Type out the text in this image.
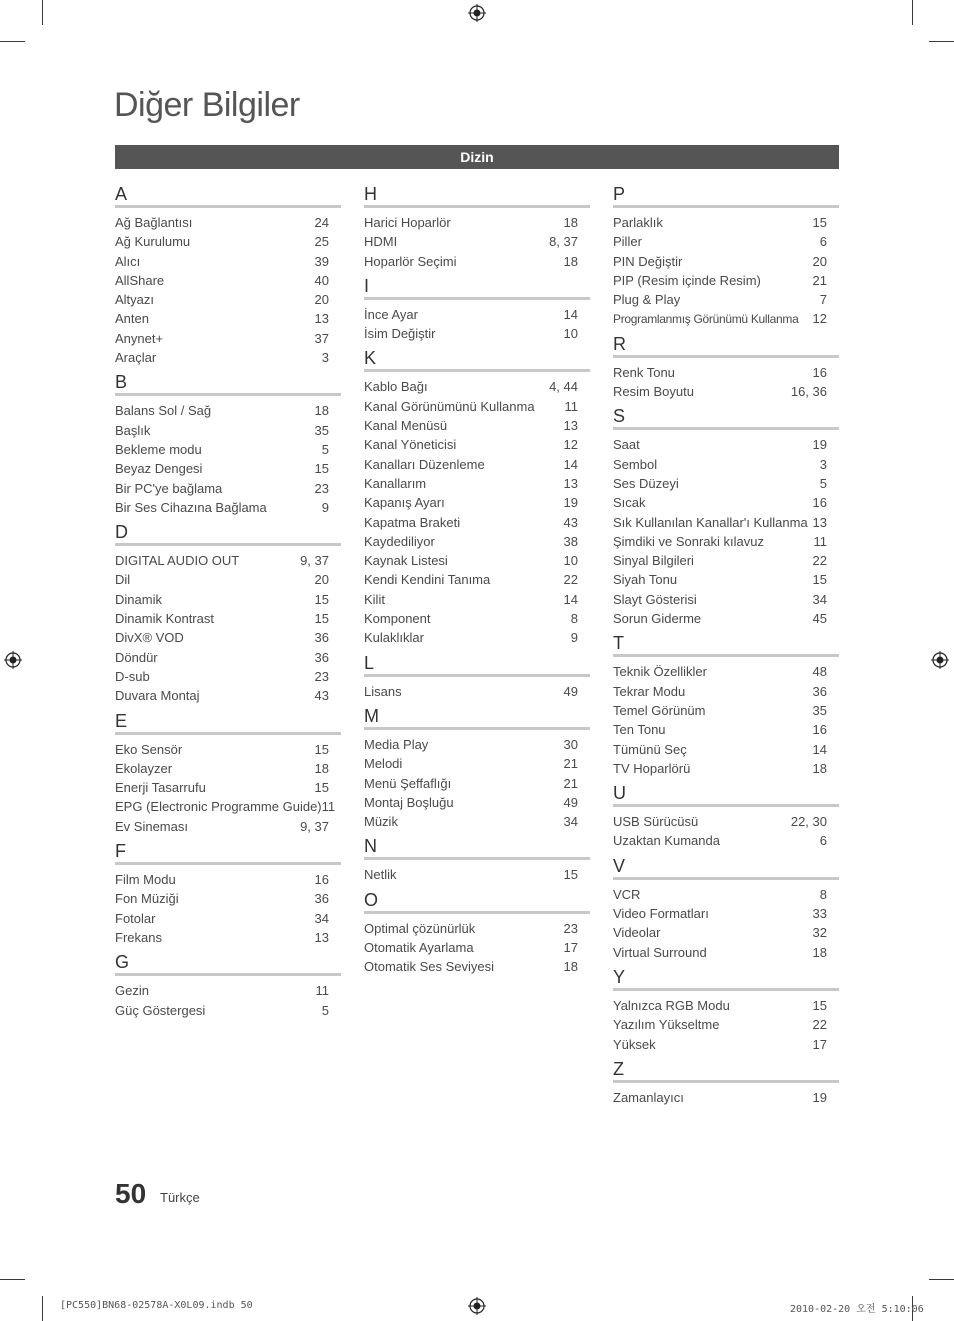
Diğer Bilgiler
Dizin
A
Ağ Bağlantısı	24
Ağ Kurulumu	25
Alıcı	39
AllShare	40
Altyazı	20
Anten	13
Anynet+	37
Araçlar	3
B
Balans Sol / Sağ	18
Başlık	35
Bekleme modu	5
Beyaz Dengesi	15
Bir PC'ye bağlama	23
Bir Ses Cihazına Bağlama	9
D
DIGITAL AUDIO OUT	9, 37
Dil	20
Dinamik	15
Dinamik Kontrast	15
DivX® VOD	36
Döndür	36
D-sub	23
Duvara Montaj	43
E
Eko Sensör	15
Ekolayzer	18
Enerji Tasarrufu	15
EPG (Electronic Programme Guide) 11
Ev Sineması	9, 37
F
Film Modu	16
Fon Müziği	36
Fotolar	34
Frekans	13
G
Gezin	11
Güç Göstergesi	5
H
Harici Hoparlör	18
HDMI	8, 37
Hoparlör Seçimi	18
I
İnce Ayar	14
İsim Değiştir	10
K
Kablo Bağı	4, 44
Kanal Görünümünü Kullanma 11
Kanal Menüsü	13
Kanal Yöneticisi	12
Kanalları Düzenleme	14
Kanallarım	13
Kapanış Ayarı	19
Kapatma Braketi	43
Kaydediliyor	38
Kaynak Listesi	10
Kendi Kendini Tanıma	22
Kilit	14
Komponent	8
Kulaklıklar	9
L
Lisans	49
M
Media Play	30
Melodi	21
Menü Şeffaflığı	21
Montaj Boşluğu	49
Müzik	34
N
Netlik	15
O
Optimal çözünürlük	23
Otomatik Ayarlama	17
Otomatik Ses Seviyesi	18
P
Parlaklık	15
Piller	6
PIN Değiştir	20
PIP (Resim içinde Resim)	21
Plug & Play	7
Programlanmış Görünümü Kullanma 12
R
Renk Tonu	16
Resim Boyutu	16, 36
S
Saat	19
Sembol	3
Ses Düzeyi	5
Sıcak	16
Sık Kullanılan Kanallar'ı Kullanma 13
Şimdiki ve Sonraki kılavuz	11
Sinyal Bilgileri	22
Siyah Tonu	15
Slayt Gösterisi	34
Sorun Giderme	45
T
Teknik Özellikler	48
Tekrar Modu	36
Temel Görünüm	35
Ten Tonu	16
Tümünü Seç	14
TV Hoparlörü	18
U
USB Sürücüsü	22, 30
Uzaktan Kumanda	6
V
VCR	8
Video Formatları	33
Videolar	32
Virtual Surround	18
Y
Yalnızca RGB Modu	15
Yazılım Yükseltme	22
Yüksek	17
Z
Zamanlayıcı	19
50 Türkçe
[PC550]BN68-02578A-X0L09.indb 50	2010-02-20 오전 5:10:06
